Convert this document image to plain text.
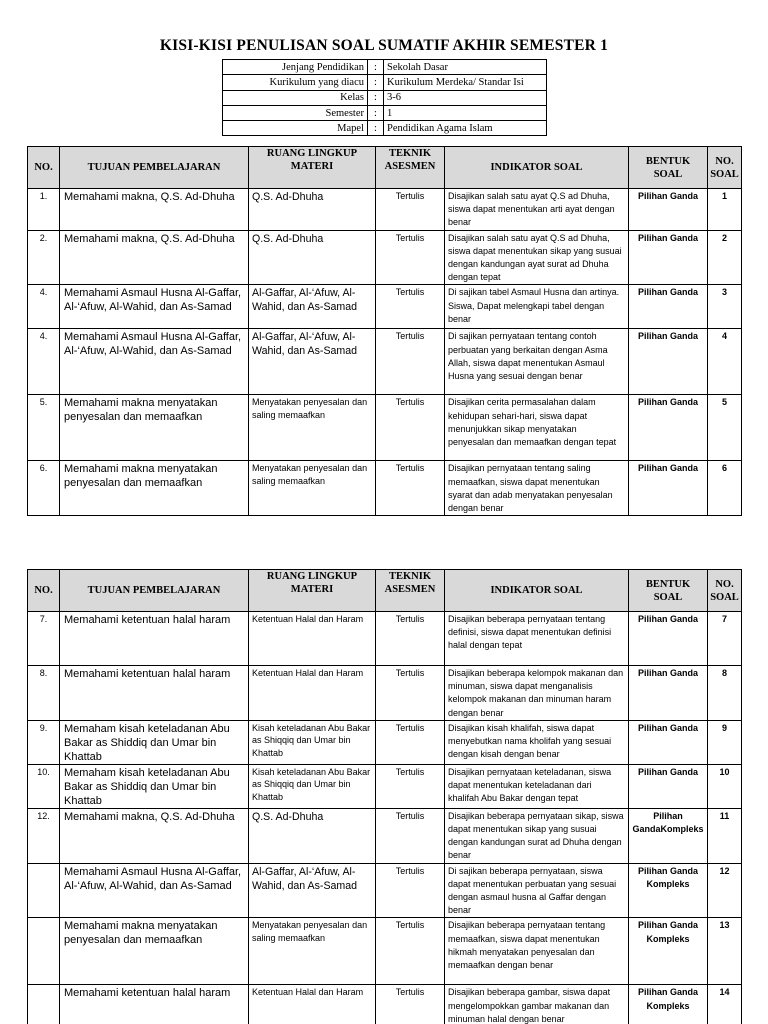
KISI-KISI PENULISAN SOAL SUMATIF AKHIR SEMESTER 1
Jenjang Pendidikan	:	Sekolah Dasar
Kurikulum yang diacu	:	Kurikulum Merdeka/ Standar Isi
Kelas	:	3-6
Semester	:	1
Mapel	:	Pendidikan Agama Islam
NO.	TUJUAN PEMBELAJARAN	RUANG LINGKUP MATERI	TEKNIK ASESMEN	INDIKATOR SOAL	BENTUK SOAL	NO. SOAL
1.	Memahami makna, Q.S. Ad-Dhuha	Q.S. Ad-Dhuha	Tertulis	Disajikan salah satu ayat Q.S ad Dhuha, siswa dapat menentukan arti ayat dengan benar	Pilihan Ganda	1
2.	Memahami makna, Q.S. Ad-Dhuha	Q.S. Ad-Dhuha	Tertulis	Disajikan salah satu ayat Q.S ad Dhuha, siswa dapat menentukan sikap yang susuai dengan kandungan ayat surat ad Dhuha dengan tepat	Pilihan Ganda	2
4.	Memahami Asmaul Husna Al-Gaffar, Al-‘Afuw, Al-Wahid, dan As-Samad	Al-Gaffar, Al-‘Afuw, Al-Wahid, dan As-Samad	Tertulis	Di sajikan tabel Asmaul Husna dan artinya. Siswa, Dapat melengkapi tabel dengan benar	Pilihan Ganda	3
4.	Memahami Asmaul Husna Al-Gaffar, Al-‘Afuw, Al-Wahid, dan As-Samad	Al-Gaffar, Al-‘Afuw, Al-Wahid, dan As-Samad	Tertulis	Di sajikan pernyataan tentang contoh perbuatan yang berkaitan dengan Asma Allah, siswa dapat menentukan Asmaul Husna yang sesuai dengan benar	Pilihan Ganda	4
5.	Memahami makna menyatakan penyesalan dan memaafkan	Menyatakan penyesalan dan saling memaafkan	Tertulis	Disajikan cerita permasalahan dalam kehidupan sehari-hari, siswa dapat menunjukkan sikap menyatakan penyesalan dan memaafkan dengan tepat	Pilihan Ganda	5
6.	Memahami makna menyatakan penyesalan dan memaafkan	Menyatakan penyesalan dan saling memaafkan	Tertulis	Disajikan pernyataan tentang saling memaafkan, siswa dapat menentukan syarat dan adab menyatakan penyesalan dengan benar	Pilihan Ganda	6
NO.	TUJUAN PEMBELAJARAN	RUANG LINGKUP MATERI	TEKNIK ASESMEN	INDIKATOR SOAL	BENTUK SOAL	NO. SOAL
7.	Memahami ketentuan halal haram	Ketentuan Halal dan Haram	Tertulis	Disajikan beberapa pernyataan tentang definisi, siswa dapat menentukan definisi halal dengan tepat	Pilihan Ganda	7
8.	Memahami ketentuan halal haram	Ketentuan Halal dan Haram	Tertulis	Disajikan beberapa kelompok makanan dan minuman, siswa dapat menganalisis kelompok makanan dan minuman haram dengan benar	Pilihan Ganda	8
9.	Memaham kisah keteladanan Abu Bakar as Shiddiq dan Umar bin Khattab	Kisah keteladanan Abu Bakar as Shiqqiq dan Umar bin Khattab	Tertulis	Disajikan kisah khalifah, siswa dapat menyebutkan nama kholifah yang sesuai dengan kisah dengan benar	Pilihan Ganda	9
10.	Memaham kisah keteladanan Abu Bakar as Shiddiq dan Umar bin Khattab	Kisah keteladanan Abu Bakar as Shiqqiq dan Umar bin Khattab	Tertulis	Disajikan pernyataan keteladanan, siswa dapat menentukan keteladanan dari khalifah Abu Bakar dengan tepat	Pilihan Ganda	10
12.	Memahami makna, Q.S. Ad-Dhuha	Q.S. Ad-Dhuha	Tertulis	Disajikan beberapa pernyataan sikap, siswa dapat menentukan sikap yang susuai dengan kandungan surat ad Dhuha dengan benar	Pilihan GandaKompleks	11
	Memahami Asmaul Husna Al-Gaffar, Al-‘Afuw, Al-Wahid, dan As-Samad	Al-Gaffar, Al-‘Afuw, Al-Wahid, dan As-Samad	Tertulis	Di sajikan beberapa pernyataan, siswa dapat menentukan perbuatan yang sesuai dengan asmaul husna al Gaffar dengan benar	Pilihan Ganda Kompleks	12
	Memahami makna menyatakan penyesalan dan memaafkan	Menyatakan penyesalan dan saling memaafkan	Tertulis	Disajikan beberapa pernyataan tentang memaafkan, siswa dapat menentukan hikmah menyatakan penyesalan dan memaafkan dengan benar	Pilihan Ganda Kompleks	13
	Memahami ketentuan halal haram	Ketentuan Halal dan Haram	Tertulis	Disajikan beberapa gambar, siswa dapat mengelompokkan gambar makanan dan minuman halal dengan benar	Pilihan Ganda Kompleks	14
